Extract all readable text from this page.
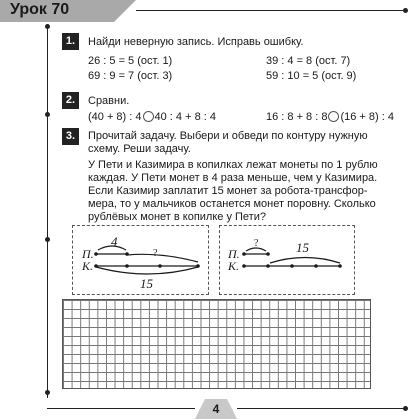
Урок 70
1.	Найди неверную запись. Исправь ошибку.
26 : 5 = 5 (ост. 1)	39 : 4 = 8 (ост. 7)
69 : 9 = 7 (ост. 3)	59 : 10 = 5 (ост. 9)
2.	Сравни.
(40 + 8) : 4 40 : 4 + 8 : 4	16 : 8 + 8 : 8 (16 + 8) : 4
3.	Прочитай задачу. Выбери и обведи по контуру нужную
схему. Реши задачу.
У Пети и Казимира в копилках лежат монеты по 1 рублю
каждая. У Пети монет в 4 раза меньше, чем у Казимира.
Если Казимир заплатит 15 монет за робота-трансфор-
мера, то у мальчиков останется монет поровну. Сколько
рублёвых монет в копилке у Пети?
П.
К.
4
?
15
П.
К.
?	15
4
